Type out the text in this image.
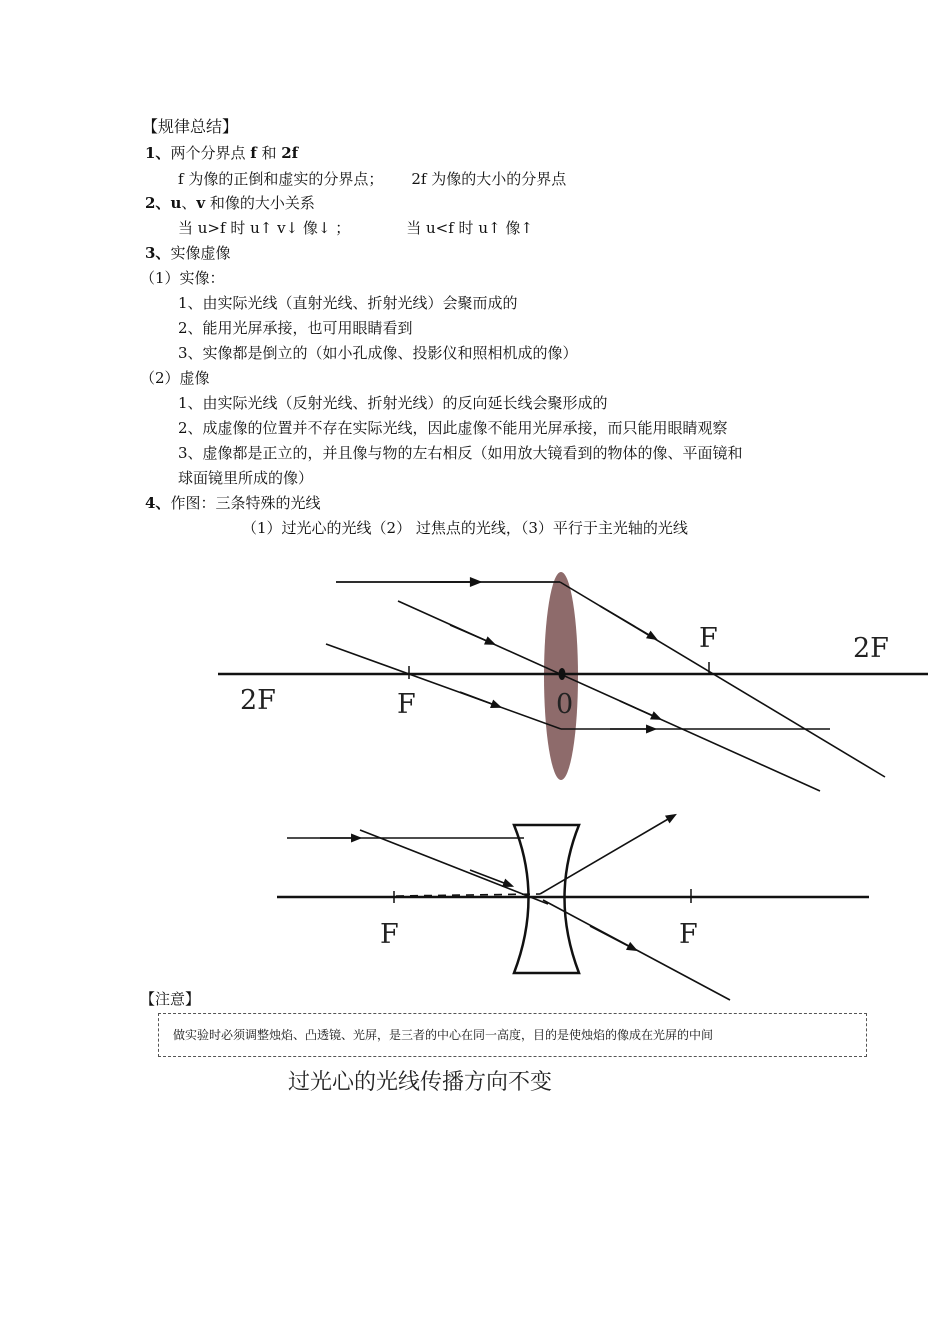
【规律总结】
1、两个分界点 f 和 2f
f 为像的正倒和虚实的分界点； 2f 为像的大小的分界点
2、u、v 和像的大小关系
当 u>f 时 u↑ v↓ 像↓ ；	当 u<f 时 u↑ 像↑
3、实像虚像
（1）实像：
1、由实际光线（直射光线、折射光线）会聚而成的
2、能用光屏承接，也可用眼睛看到
3、实像都是倒立的（如小孔成像、投影仪和照相机成的像）
（2）虚像
1、由实际光线（反射光线、折射光线）的反向延长线会聚形成的
2、成虚像的位置并不存在实际光线，因此虚像不能用光屏承接，而只能用眼睛观察
3、虚像都是正立的，并且像与物的左右相反（如用放大镜看到的物体的像、平面镜和
球面镜里所成的像）
4、作图：三条特殊的光线
（1）过光心的光线（2） 过焦点的光线，（3）平行于主光轴的光线
2F	F	0
F	2F
F	F
【注意】
做实验时必须调整烛焰、凸透镜、光屏，是三者的中心在同一高度，目的是使烛焰的像成在光屏的中间
过光心的光线传播方向不变
